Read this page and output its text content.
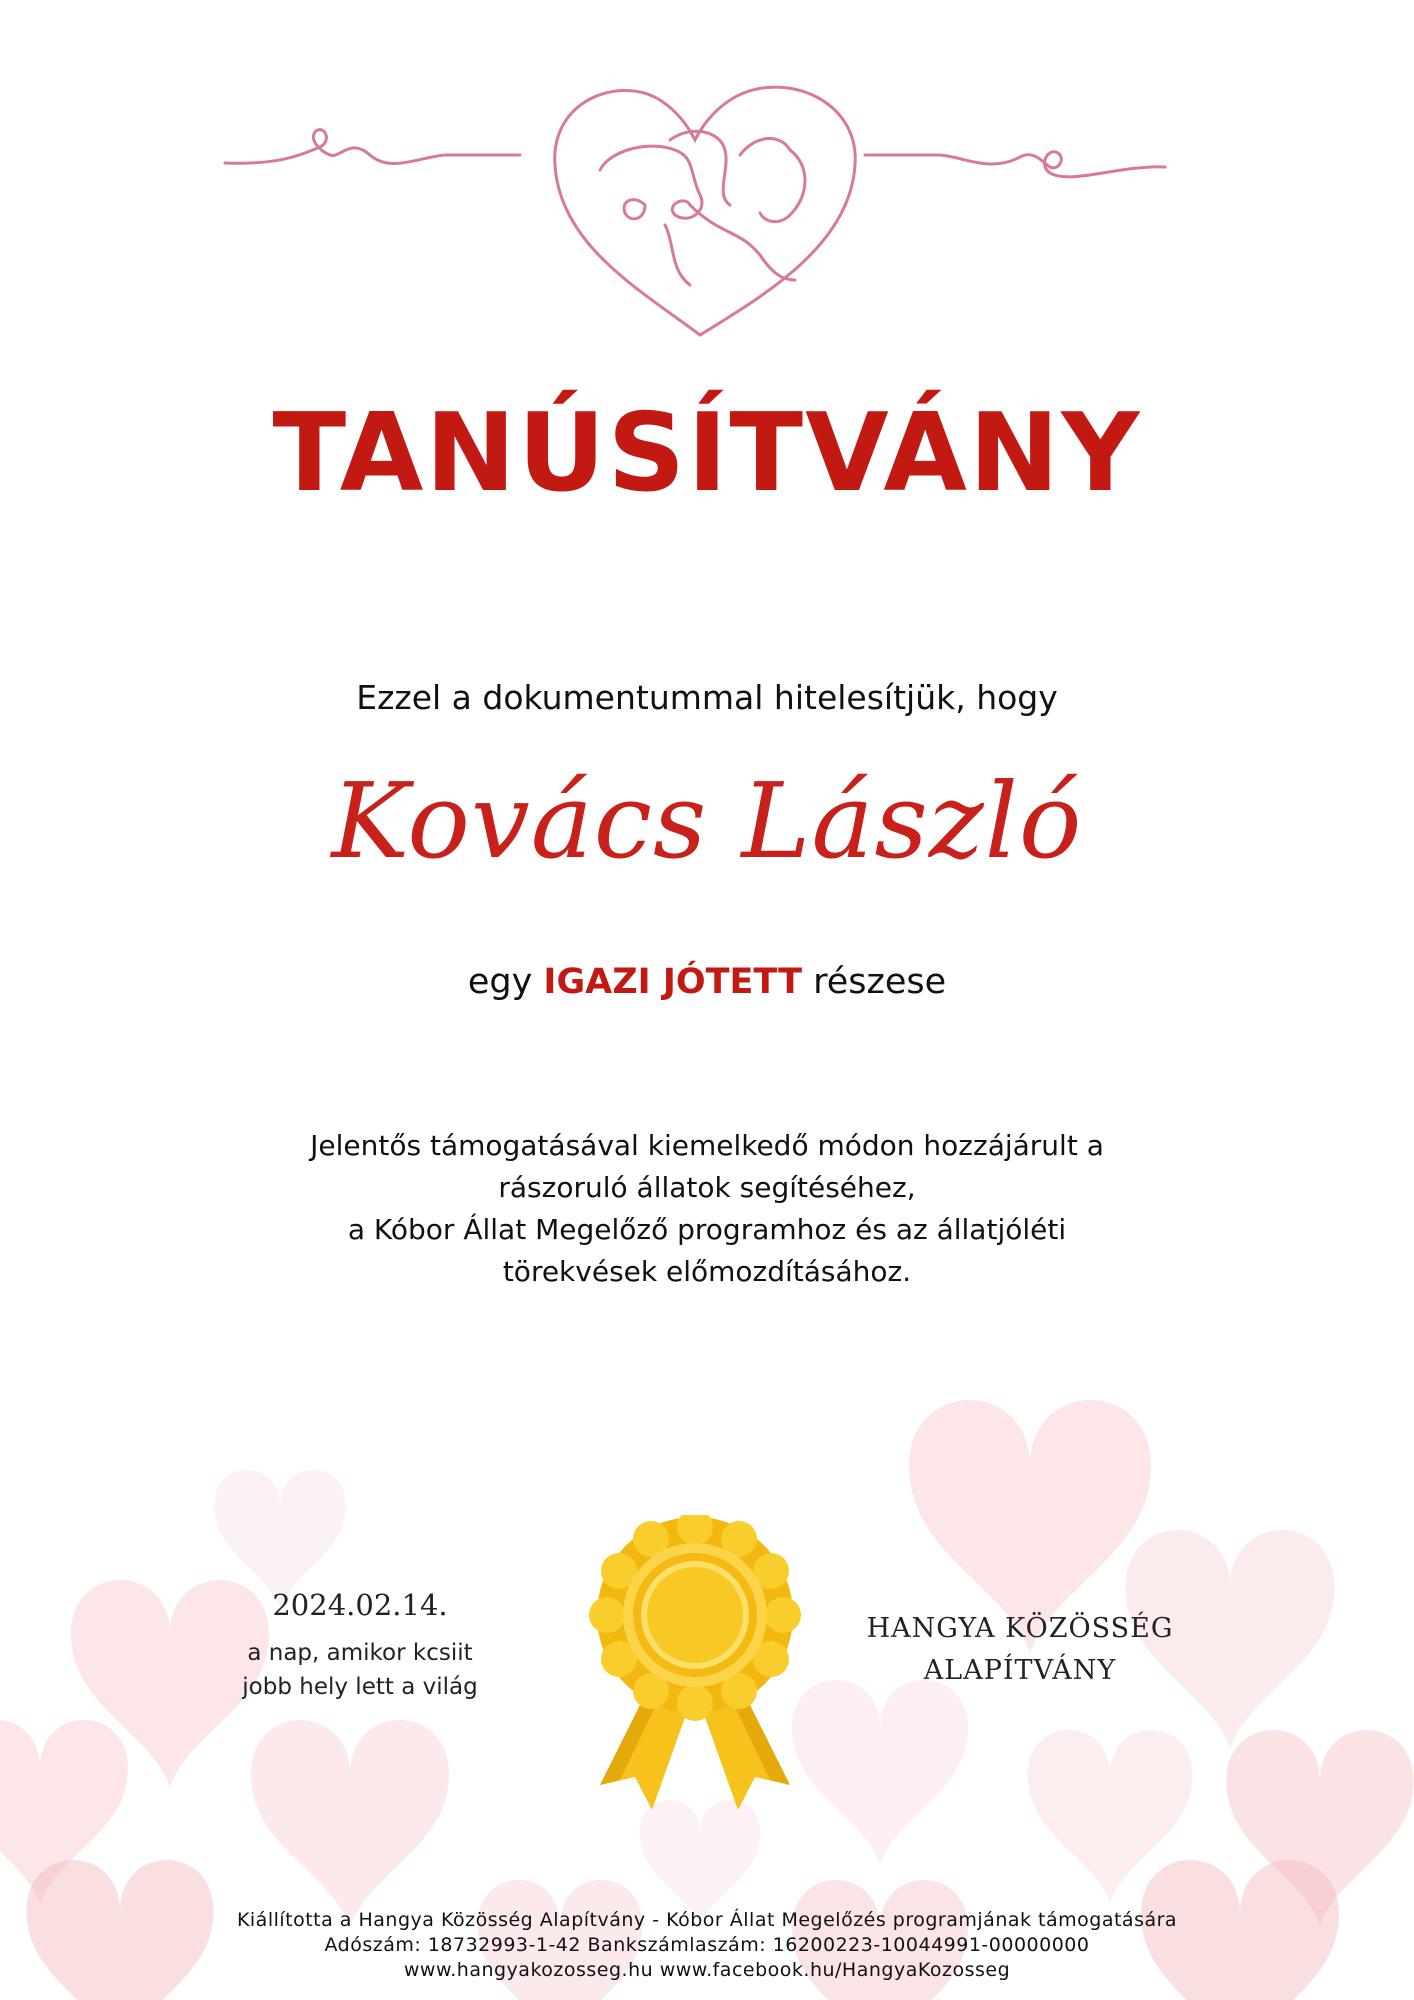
TANÚSÍTVÁNY
Ezzel a dokumentummal hitelesítjük, hogy
Kovács László
egy IGAZI JÓTETT részese
Jelentős támogatásával kiemelkedő módon hozzájárult a
rászoruló állatok segítéséhez,
a Kóbor Állat Megelőző programhoz és az állatjóléti
törekvések előmozdításához.
2024.02.14.
a nap, amikor kcsiit
jobb hely lett a világ
HANGYA KÖZÖSSÉG
ALAPÍTVÁNY
Kiállította a Hangya Közösség Alapítvány - Kóbor Állat Megelőzés programjának támogatására
Adószám: 18732993-1-42 Bankszámlaszám: 16200223-10044991-00000000
www.hangyakozosseg.hu www.facebook.hu/HangyaKozosseg
